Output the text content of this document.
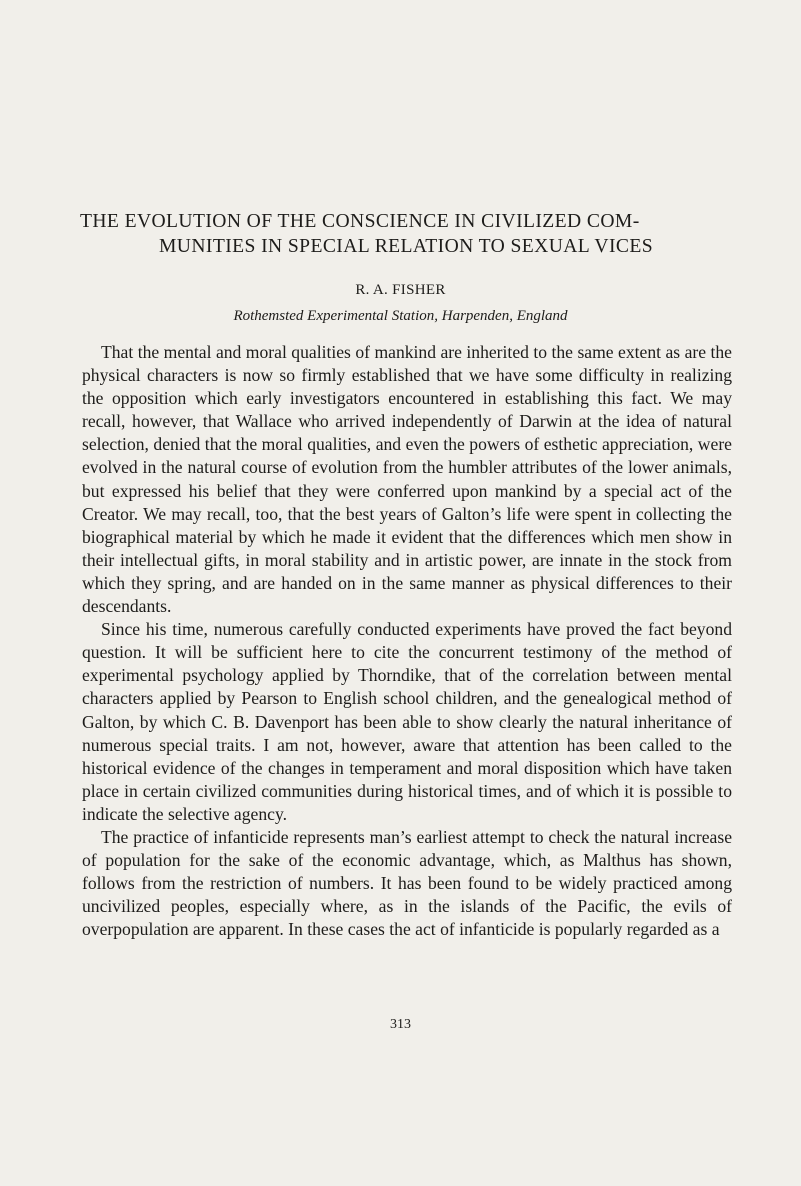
THE EVOLUTION OF THE CONSCIENCE IN CIVILIZED COM-
MUNITIES IN SPECIAL RELATION TO SEXUAL VICES
R. A. FISHER
Rothemsted Experimental Station, Harpenden, England

That the mental and moral qualities of mankind are inherited to the same extent as are the physical characters is now so firmly established that we have some difficulty in realizing the opposition which early investigators encountered in establishing this fact. We may recall, however, that Wallace who arrived independently of Darwin at the idea of natural selection, denied that the moral qualities, and even the powers of esthetic appreciation, were evolved in the natural course of evolution from the humbler attributes of the lower animals, but expressed his belief that they were conferred upon mankind by a special act of the Creator. We may recall, too, that the best years of Galton’s life were spent in collecting the biographical material by which he made it evident that the differences which men show in their intellectual gifts, in moral stability and in artistic power, are innate in the stock from which they spring, and are handed on in the same manner as physical differences to their descendants.

Since his time, numerous carefully conducted experiments have proved the fact beyond question. It will be sufficient here to cite the concurrent testimony of the method of experimental psychology applied by Thorndike, that of the correlation between mental characters applied by Pearson to English school children, and the genealogical method of Galton, by which C. B. Davenport has been able to show clearly the natural inheritance of numerous special traits. I am not, however, aware that attention has been called to the historical evidence of the changes in temperament and moral disposition which have taken place in certain civilized communities during historical times, and of which it is possible to indicate the selective agency.

The practice of infanticide represents man’s earliest attempt to check the natural increase of population for the sake of the economic advantage, which, as Malthus has shown, follows from the restriction of numbers. It has been found to be widely practiced among uncivilized peoples, especially where, as in the islands of the Pacific, the evils of overpopulation are apparent. In these cases the act of infanticide is popularly regarded as a

313
